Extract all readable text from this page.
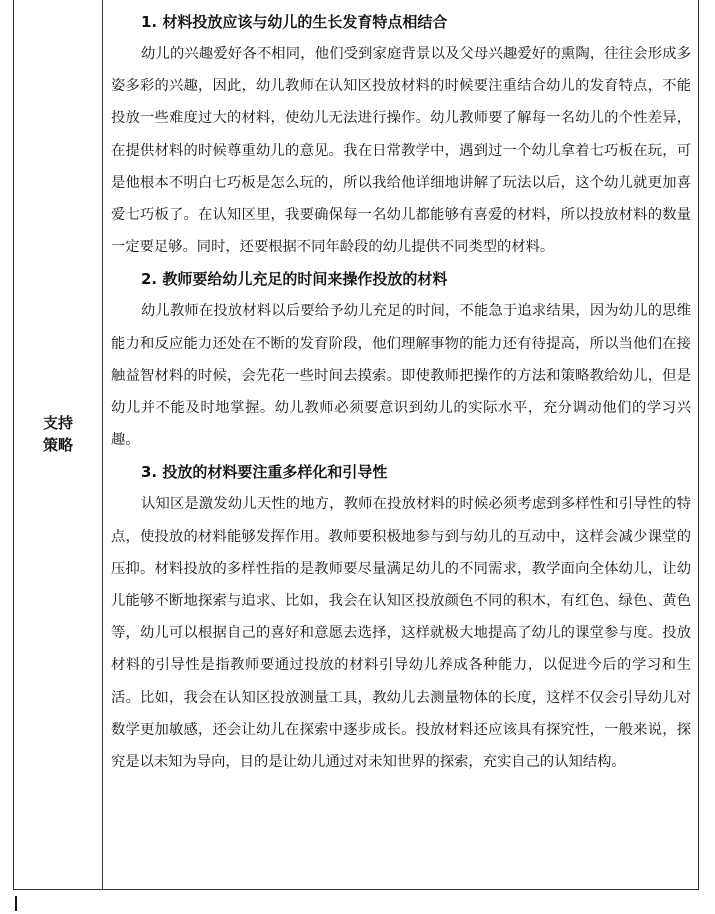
支持
策略

1. 材料投放应该与幼儿的生长发育特点相结合

幼儿的兴趣爱好各不相同，他们受到家庭背景以及父母兴趣爱好的熏陶，往往会形成多姿多彩的兴趣，因此，幼儿教师在认知区投放材料的时候要注重结合幼儿的发育特点，不能投放一些难度过大的材料，使幼儿无法进行操作。幼儿教师要了解每一名幼儿的个性差异，在提供材料的时候尊重幼儿的意见。我在日常教学中，遇到过一个幼儿拿着七巧板在玩，可是他根本不明白七巧板是怎么玩的，所以我给他详细地讲解了玩法以后，这个幼儿就更加喜爱七巧板了。在认知区里，我要确保每一名幼儿都能够有喜爱的材料，所以投放材料的数量一定要足够。同时，还要根据不同年龄段的幼儿提供不同类型的材料。

2. 教师要给幼儿充足的时间来操作投放的材料

幼儿教师在投放材料以后要给予幼儿充足的时间，不能急于追求结果，因为幼儿的思维能力和反应能力还处在不断的发育阶段，他们理解事物的能力还有待提高，所以当他们在接触益智材料的时候，会先花一些时间去摸索。即使教师把操作的方法和策略教给幼儿，但是幼儿并不能及时地掌握。幼儿教师必须要意识到幼儿的实际水平，充分调动他们的学习兴趣。

3. 投放的材料要注重多样化和引导性

认知区是激发幼儿天性的地方，教师在投放材料的时候必须考虑到多样性和引导性的特点，使投放的材料能够发挥作用。教师要积极地参与到与幼儿的互动中，这样会减少课堂的压抑。材料投放的多样性指的是教师要尽量满足幼儿的不同需求，教学面向全体幼儿，让幼儿能够不断地探索与追求、比如，我会在认知区投放颜色不同的积木，有红色、绿色、黄色等，幼儿可以根据自己的喜好和意愿去选择，这样就极大地提高了幼儿的课堂参与度。投放材料的引导性是指教师要通过投放的材料引导幼儿养成各种能力，以促进今后的学习和生活。比如，我会在认知区投放测量工具，教幼儿去测量物体的长度，这样不仅会引导幼儿对数学更加敏感，还会让幼儿在探索中逐步成长。投放材料还应该具有探究性，一般来说，探究是以未知为导向，目的是让幼儿通过对未知世界的探索，充实自己的认知结构。
